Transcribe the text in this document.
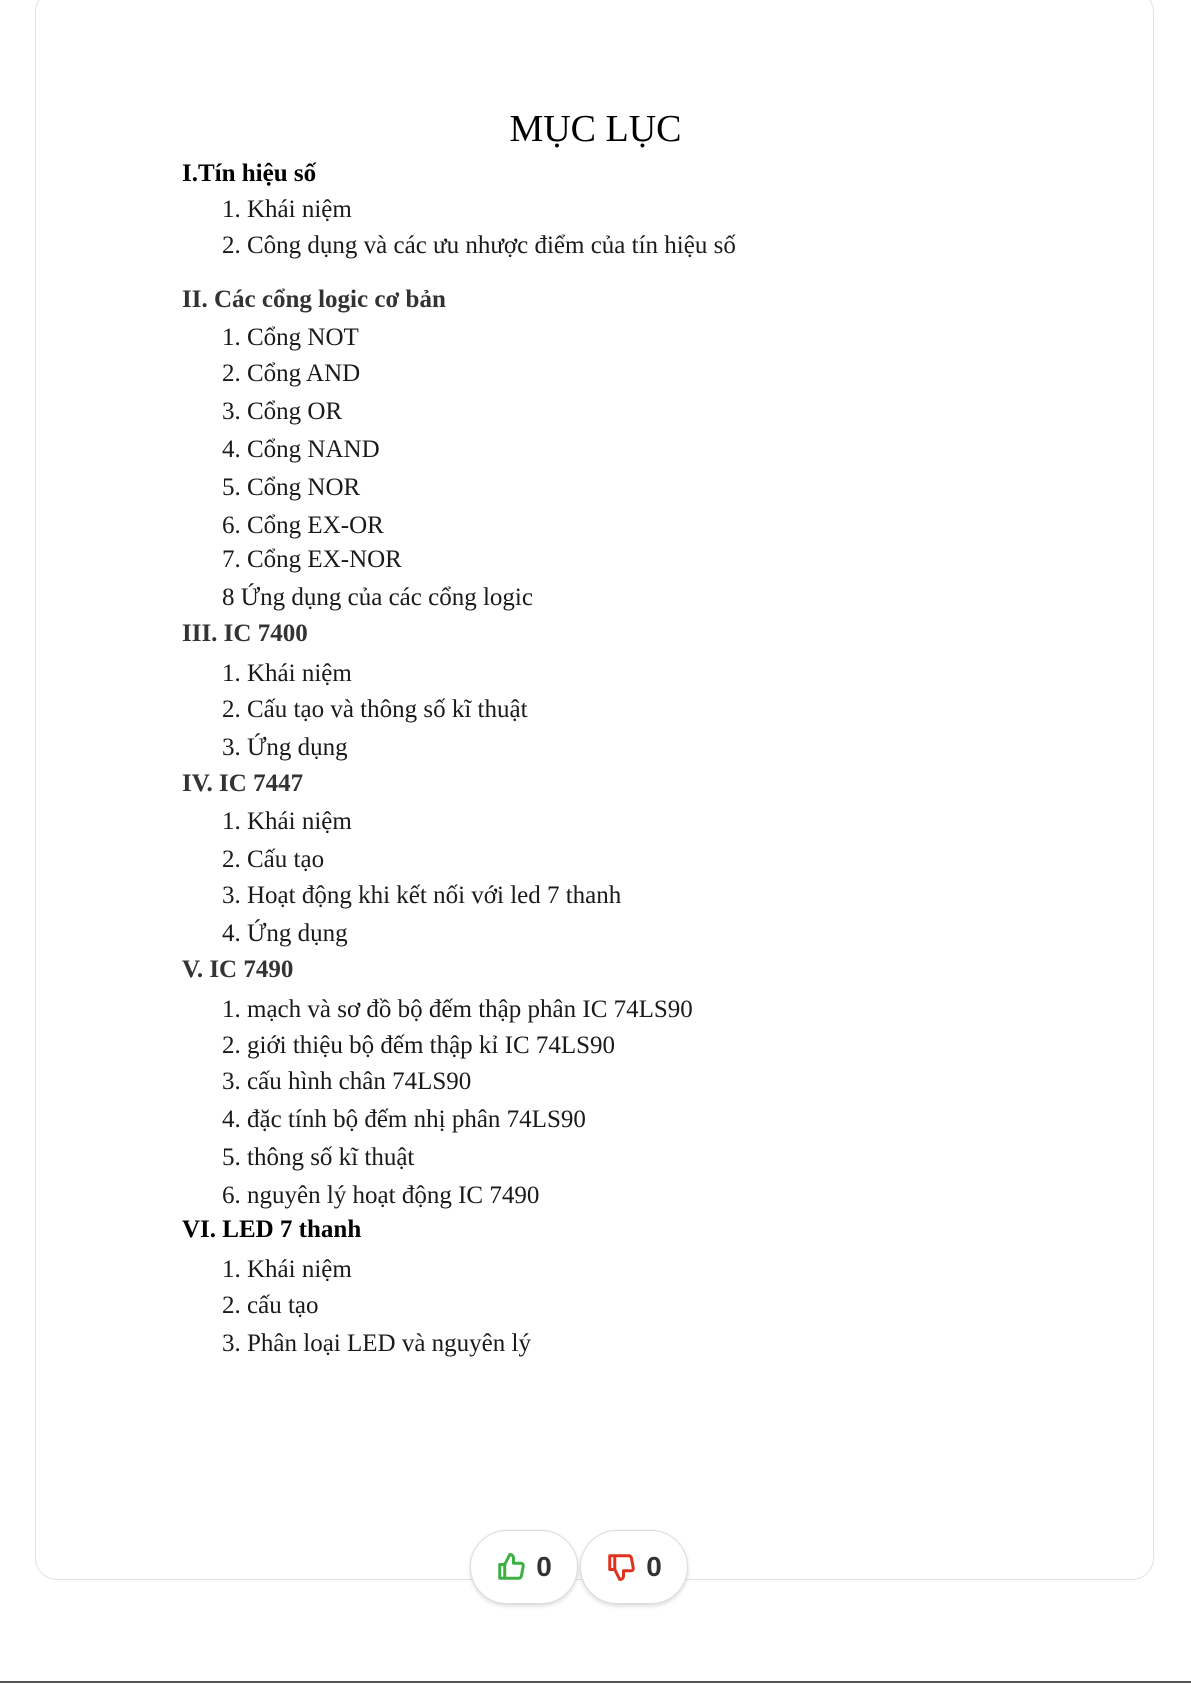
MỤC LỤC

I.Tín hiệu số

1. Khái niệm

2. Công dụng và các ưu nhược điểm của tín hiệu số

II. Các cổng logic cơ bản

1. Cổng NOT

2. Cổng AND

3. Cổng OR

4. Cổng NAND

5. Cổng NOR

6. Cổng EX-OR

7. Cổng EX-NOR

8 Ứng dụng của các cổng logic

III. IC 7400

1. Khái niệm

2. Cấu tạo và thông số kĩ thuật

3. Ứng dụng

IV. IC 7447

1. Khái niệm

2. Cấu tạo

3. Hoạt động khi kết nối với led 7 thanh

4. Ứng dụng

V. IC 7490

1. mạch và sơ đồ bộ đếm thập phân IC 74LS90

2. giới thiệu bộ đếm thập kỉ IC 74LS90

3. cấu hình chân 74LS90

4. đặc tính bộ đếm nhị phân 74LS90

5. thông số kĩ thuật

6. nguyên lý hoạt động IC 7490

VI. LED 7 thanh

1. Khái niệm

2. cấu tạo

3. Phân loại LED và nguyên lý

0	0
